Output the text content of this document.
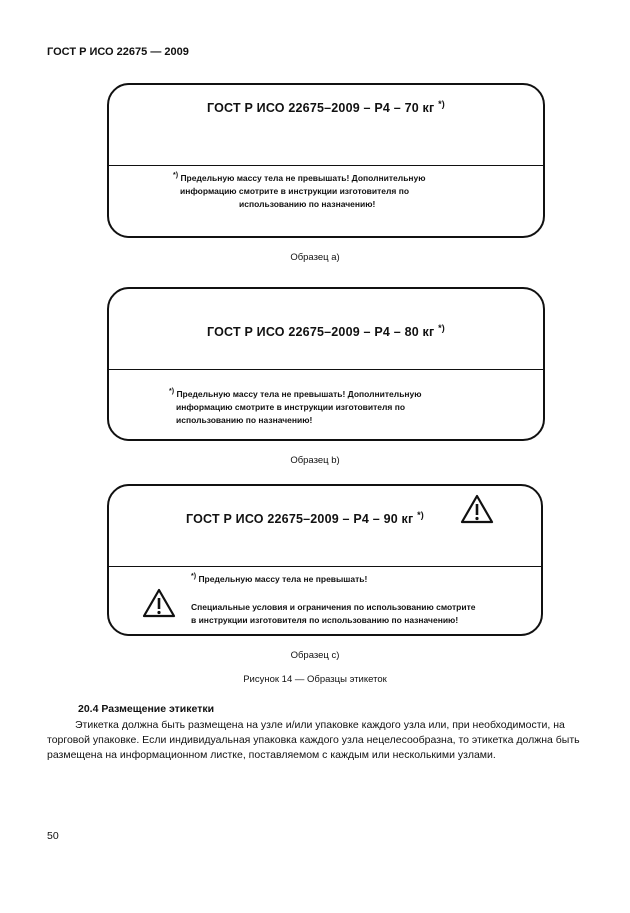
ГОСТ Р ИСО 22675 — 2009
ГОСТ Р ИСО 22675–2009 – P4 – 70 кг *)
*) Предельную массу тела не превышать! Дополнительную
информацию смотрите в инструкции изготовителя по
использованию по назначению!
Образец a)
ГОСТ Р ИСО 22675–2009 – P4 – 80 кг *)
*) Предельную массу тела не превышать! Дополнительную
информацию смотрите в инструкции изготовителя по
использованию по назначению!
Образец b)
ГОСТ Р ИСО 22675–2009 – P4 – 90 кг *)
*) Предельную массу тела не превышать!
Специальные условия и ограничения по использованию смотрите
в инструкции изготовителя по использованию по назначению!
Образец c)
Рисунок 14 — Образцы этикеток
20.4 Размещение этикетки
Этикетка должна быть размещена на узле и/или упаковке каждого узла или, при необходимости, на торговой упаковке. Если индивидуальная упаковка каждого узла нецелесообразна, то этикетка должна быть размещена на информационном листке, поставляемом с каждым или несколькими узлами.
50
